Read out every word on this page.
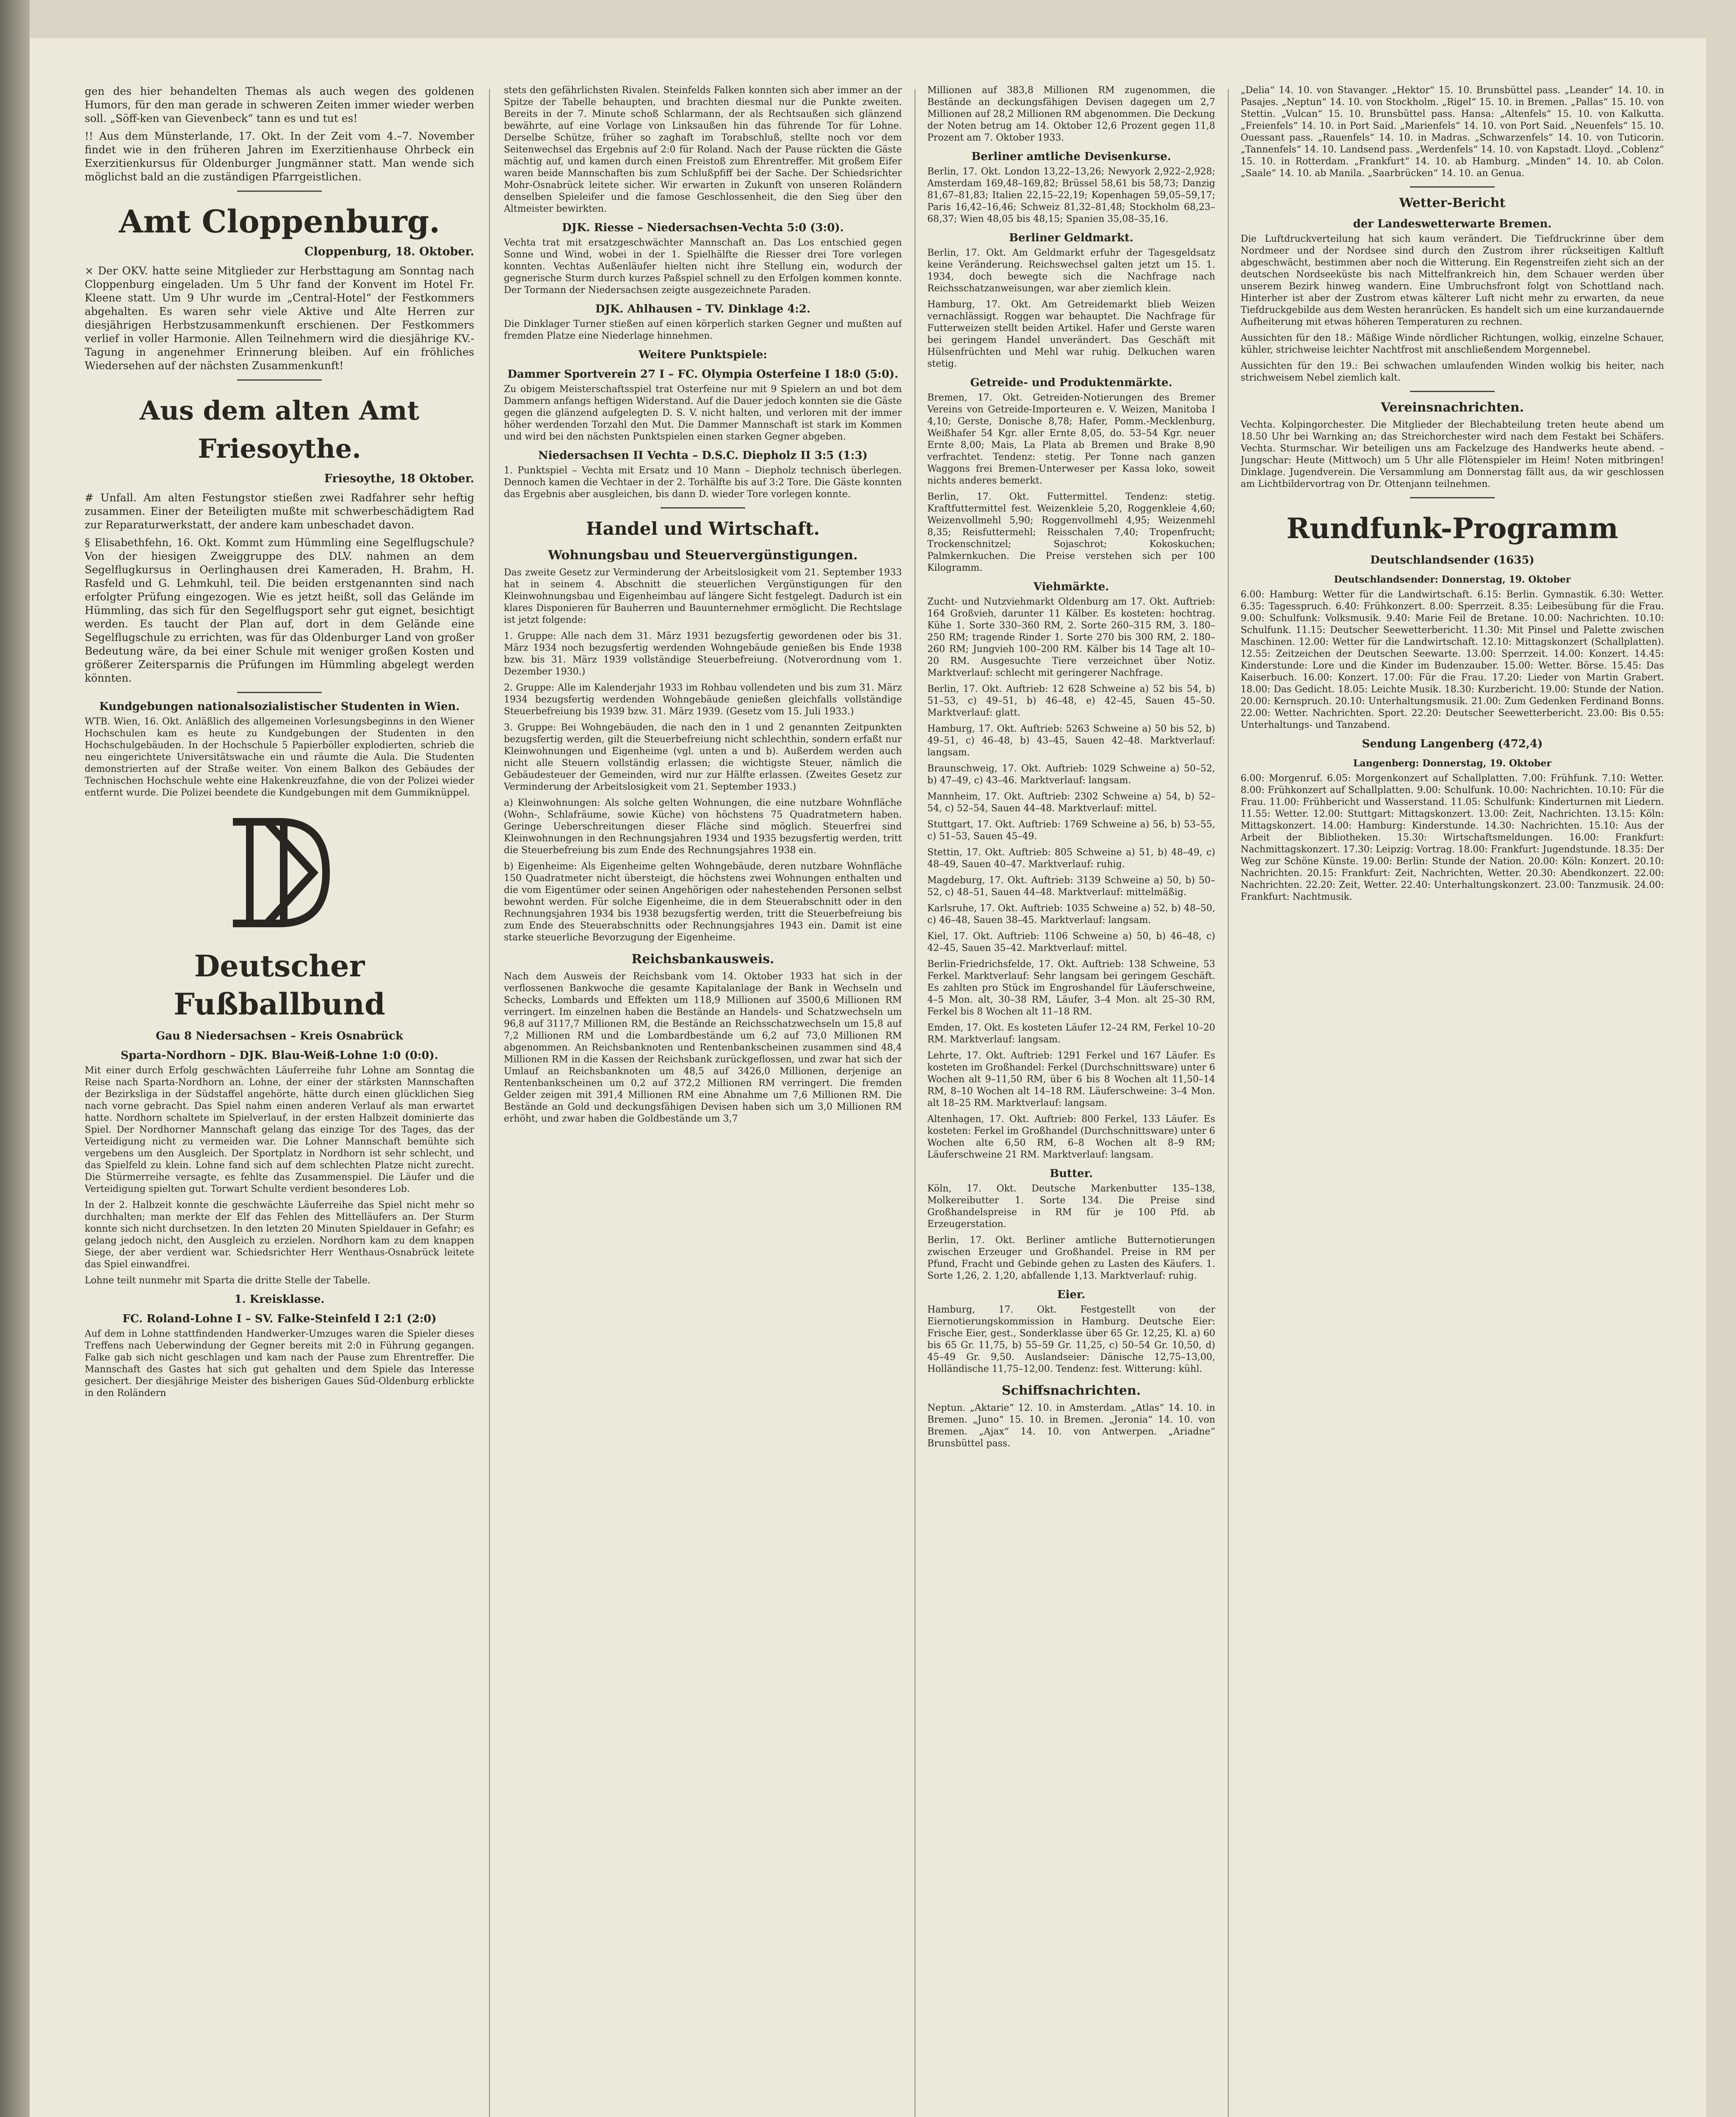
gen des hier behandelten Themas als auch wegen des goldenen Humors, für den man gerade in schweren Zeiten immer wieder werben soll. „Söff-ken van Gievenbeck“ tann es und tut es!

!! Aus dem Münsterlande, 17. Okt. In der Zeit vom 4.–7. November findet wie in den früheren Jahren im Exerzitienhause Ohrbeck ein Exerzitienkursus für Oldenburger Jungmänner statt. Man wende sich möglichst bald an die zuständigen Pfarrgeistlichen.

Amt Cloppenburg.
Cloppenburg, 18. Oktober.

× Der OKV. hatte seine Mitglieder zur Herbsttagung am Sonntag nach Cloppenburg eingeladen. Um 5 Uhr fand der Konvent im Hotel Fr. Kleene statt. Um 9 Uhr wurde im „Central-Hotel“ der Festkommers abgehalten. Es waren sehr viele Aktive und Alte Herren zur diesjährigen Herbstzusammenkunft erschienen. Der Festkommers verlief in voller Harmonie. Allen Teilnehmern wird die diesjährige KV.-Tagung in angenehmer Erinnerung bleiben. Auf ein fröhliches Wiedersehen auf der nächsten Zusammenkunft!

Aus dem alten Amt Friesoythe.
Friesoythe, 18 Oktober.

# Unfall. Am alten Festungstor stießen zwei Radfahrer sehr heftig zusammen. Einer der Beteiligten mußte mit schwerbeschädigtem Rad zur Reparaturwerkstatt, der andere kam unbeschadet davon.

§ Elisabethfehn, 16. Okt. Kommt zum Hümmling eine Segelflugschule? Von der hiesigen Zweiggruppe des DLV. nahmen an dem Segelflugkursus in Oerlinghausen drei Kameraden, H. Brahm, H. Rasfeld und G. Lehmkuhl, teil. Die beiden erstgenannten sind nach erfolgter Prüfung eingezogen. Wie es jetzt heißt, soll das Gelände im Hümmling, das sich für den Segelflugsport sehr gut eignet, besichtigt werden. Es taucht der Plan auf, dort in dem Gelände eine Segelflugschule zu errichten, was für das Oldenburger Land von großer Bedeutung wäre, da bei einer Schule mit weniger großen Kosten und größerer Zeitersparnis die Prüfungen im Hümmling abgelegt werden könnten.

Kundgebungen nationalsozialistischer Studenten in Wien.

WTB. Wien, 16. Okt. Anläßlich des allgemeinen Vorlesungsbeginns in den Wiener Hochschulen kam es heute zu Kundgebungen der Studenten in den Hochschulgebäuden. In der Hochschule 5 Papierböller explodierten, schrieb die neu eingerichtete Universitätswache ein und räumte die Aula. Die Studenten demonstrierten auf der Straße weiter. Von einem Balkon des Gebäudes der Technischen Hochschule wehte eine Hakenkreuzfahne, die von der Polizei wieder entfernt wurde. Die Polizei beendete die Kundgebungen mit dem Gummiknüppel.

Deutscher Fußballbund
Gau 8 Niedersachsen – Kreis Osnabrück
Sparta-Nordhorn – DJK. Blau-Weiß-Lohne 1:0 (0:0).

Mit einer durch Erfolg geschwächten Läuferreihe fuhr Lohne am Sonntag die Reise nach Sparta-Nordhorn an. Lohne, der einer der stärksten Mannschaften der Bezirksliga in der Südstaffel angehörte, hätte durch einen glücklichen Sieg nach vorne gebracht. Das Spiel nahm einen anderen Verlauf als man erwartet hatte. Nordhorn schaltete im Spielverlauf, in der ersten Halbzeit dominierte das Spiel. Der Nordhorner Mannschaft gelang das einzige Tor des Tages, das der Verteidigung nicht zu vermeiden war. Die Lohner Mannschaft bemühte sich vergebens um den Ausgleich. Der Sportplatz in Nordhorn ist sehr schlecht, und das Spielfeld zu klein. Lohne fand sich auf dem schlechten Platze nicht zurecht. Die Stürmerreihe versagte, es fehlte das Zusammenspiel. Die Läufer und die Verteidigung spielten gut. Torwart Schulte verdient besonderes Lob.

In der 2. Halbzeit konnte die geschwächte Läuferreihe das Spiel nicht mehr so durchhalten; man merkte der Elf das Fehlen des Mittelläufers an. Der Sturm konnte sich nicht durchsetzen. In den letzten 20 Minuten Spieldauer in Gefahr; es gelang jedoch nicht, den Ausgleich zu erzielen. Nordhorn kam zu dem knappen Siege, der aber verdient war. Schiedsrichter Herr Wenthaus-Osnabrück leitete das Spiel einwandfrei.

Lohne teilt nunmehr mit Sparta die dritte Stelle der Tabelle.

1. Kreisklasse.
FC. Roland-Lohne I – SV. Falke-Steinfeld I 2:1 (2:0)

Auf dem in Lohne stattfindenden Handwerker-Umzuges waren die Spieler dieses Treffens nach Ueberwindung der Gegner bereits mit 2:0 in Führung gegangen. Falke gab sich nicht geschlagen und kam nach der Pause zum Ehrentreffer. Die Mannschaft des Gastes hat sich gut gehalten und dem Spiele das Interesse gesichert. Der diesjährige Meister des bisherigen Gaues Süd-Oldenburg erblickte in den Roländern

stets den gefährlichsten Rivalen. Steinfelds Falken konnten sich aber immer an der Spitze der Tabelle behaupten, und brachten diesmal nur die Punkte zweiten. Bereits in der 7. Minute schoß Schlarmann, der als Rechtsaußen sich glänzend bewährte, auf eine Vorlage von Linksaußen hin das führende Tor für Lohne. Derselbe Schütze, früher so zaghaft im Torabschluß, stellte noch vor dem Seitenwechsel das Ergebnis auf 2:0 für Roland. Nach der Pause rückten die Gäste mächtig auf, und kamen durch einen Freistoß zum Ehrentreffer. Mit großem Eifer waren beide Mannschaften bis zum Schlußpfiff bei der Sache. Der Schiedsrichter Mohr-Osnabrück leitete sicher. Wir erwarten in Zukunft von unseren Roländern denselben Spieleifer und die famose Geschlossenheit, die den Sieg über den Altmeister bewirkten.

DJK. Riesse – Niedersachsen-Vechta 5:0 (3:0).

Vechta trat mit ersatzgeschwächter Mannschaft an. Das Los entschied gegen Sonne und Wind, wobei in der 1. Spielhälfte die Riesser drei Tore vorlegen konnten. Vechtas Außenläufer hielten nicht ihre Stellung ein, wodurch der gegnerische Sturm durch kurzes Paßspiel schnell zu den Erfolgen kommen konnte. Der Tormann der Niedersachsen zeigte ausgezeichnete Paraden.

DJK. Ahlhausen – TV. Dinklage 4:2.

Die Dinklager Turner stießen auf einen körperlich starken Gegner und mußten auf fremden Platze eine Niederlage hinnehmen.

Weitere Punktspiele:
Dammer Sportverein 27 I – FC. Olympia Osterfeine I 18:0 (5:0).

Zu obigem Meisterschaftsspiel trat Osterfeine nur mit 9 Spielern an und bot dem Dammern anfangs heftigen Widerstand. Auf die Dauer jedoch konnten sie die Gäste gegen die glänzend aufgelegten D. S. V. nicht halten, und verloren mit der immer höher werdenden Torzahl den Mut. Die Dammer Mannschaft ist stark im Kommen und wird bei den nächsten Punktspielen einen starken Gegner abgeben.

Niedersachsen II Vechta – D.S.C. Diepholz II 3:5 (1:3)

1. Punktspiel – Vechta mit Ersatz und 10 Mann – Diepholz technisch überlegen. Dennoch kamen die Vechtaer in der 2. Torhälfte bis auf 3:2 Tore. Die Gäste konnten das Ergebnis aber ausgleichen, bis dann D. wieder Tore vorlegen konnte.

Handel und Wirtschaft.
Wohnungsbau und Steuervergünstigungen.

Das zweite Gesetz zur Verminderung der Arbeitslosigkeit vom 21. September 1933 hat in seinem 4. Abschnitt die steuerlichen Vergünstigungen für den Kleinwohnungsbau und Eigenheimbau auf längere Sicht festgelegt. Dadurch ist ein klares Disponieren für Bauherren und Bauunternehmer ermöglicht. Die Rechtslage ist jetzt folgende:

1. Gruppe: Alle nach dem 31. März 1931 bezugsfertig gewordenen oder bis 31. März 1934 noch bezugsfertig werdenden Wohngebäude genießen bis Ende 1938 bzw. bis 31. März 1939 vollständige Steuerbefreiung. (Notverordnung vom 1. Dezember 1930.)

2. Gruppe: Alle im Kalenderjahr 1933 im Rohbau vollendeten und bis zum 31. März 1934 bezugsfertig werdenden Wohngebäude genießen gleichfalls vollständige Steuerbefreiung bis 1939 bzw. 31. März 1939. (Gesetz vom 15. Juli 1933.)

3. Gruppe: Bei Wohngebäuden, die nach den in 1 und 2 genannten Zeitpunkten bezugsfertig werden, gilt die Steuerbefreiung nicht schlechthin, sondern erfaßt nur Kleinwohnungen und Eigenheime (vgl. unten a und b). Außerdem werden auch nicht alle Steuern vollständig erlassen; die wichtigste Steuer, nämlich die Gebäudesteuer der Gemeinden, wird nur zur Hälfte erlassen. (Zweites Gesetz zur Verminderung der Arbeitslosigkeit vom 21. September 1933.)

a) Kleinwohnungen: Als solche gelten Wohnungen, die eine nutzbare Wohnfläche (Wohn-, Schlafräume, sowie Küche) von höchstens 75 Quadratmetern haben. Geringe Ueberschreitungen dieser Fläche sind möglich. Steuerfrei sind Kleinwohnungen in den Rechnungsjahren 1934 und 1935 bezugsfertig werden, tritt die Steuerbefreiung bis zum Ende des Rechnungsjahres 1938 ein.

b) Eigenheime: Als Eigenheime gelten Wohngebäude, deren nutzbare Wohnfläche 150 Quadratmeter nicht übersteigt, die höchstens zwei Wohnungen enthalten und die vom Eigentümer oder seinen Angehörigen oder nahestehenden Personen selbst bewohnt werden. Für solche Eigenheime, die in dem Steuerabschnitt oder in den Rechnungsjahren 1934 bis 1938 bezugsfertig werden, tritt die Steuerbefreiung bis zum Ende des Steuerabschnitts oder Rechnungsjahres 1943 ein. Damit ist eine starke steuerliche Bevorzugung der Eigenheime.

Reichsbankausweis.

Nach dem Ausweis der Reichsbank vom 14. Oktober 1933 hat sich in der verflossenen Bankwoche die gesamte Kapitalanlage der Bank in Wechseln und Schecks, Lombards und Effekten um 118,9 Millionen auf 3500,6 Millionen RM verringert. Im einzelnen haben die Bestände an Handels- und Schatzwechseln um 96,8 auf 3117,7 Millionen RM, die Bestände an Reichsschatzwechseln um 15,8 auf 7,2 Millionen RM und die Lombardbestände um 6,2 auf 73,0 Millionen RM abgenommen. An Reichsbanknoten und Rentenbankscheinen zusammen sind 48,4 Millionen RM in die Kassen der Reichsbank zurückgeflossen, und zwar hat sich der Umlauf an Reichsbanknoten um 48,5 auf 3426,0 Millionen, derjenige an Rentenbankscheinen um 0,2 auf 372,2 Millionen RM verringert. Die fremden Gelder zeigen mit 391,4 Millionen RM eine Abnahme um 7,6 Millionen RM. Die Bestände an Gold und deckungsfähigen Devisen haben sich um 3,0 Millionen RM erhöht, und zwar haben die Goldbestände um 3,7

Millionen auf 383,8 Millionen RM zugenommen, die Bestände an deckungsfähigen Devisen dagegen um 2,7 Millionen auf 28,2 Millionen RM abgenommen. Die Deckung der Noten betrug am 14. Oktober 12,6 Prozent gegen 11,8 Prozent am 7. Oktober 1933.

Berliner amtliche Devisenkurse.

Berlin, 17. Okt. London 13,22–13,26; Newyork 2,922–2,928; Amsterdam 169,48–169,82; Brüssel 58,61 bis 58,73; Danzig 81,67–81,83; Italien 22,15–22,19; Kopenhagen 59,05–59,17; Paris 16,42–16,46; Schweiz 81,32–81,48; Stockholm 68,23–68,37; Wien 48,05 bis 48,15; Spanien 35,08–35,16.

Berliner Geldmarkt.

Berlin, 17. Okt. Am Geldmarkt erfuhr der Tagesgeldsatz keine Veränderung. Reichswechsel galten jetzt um 15. 1. 1934, doch bewegte sich die Nachfrage nach Reichsschatzanweisungen, war aber ziemlich klein.

Hamburg, 17. Okt. Am Getreidemarkt blieb Weizen vernachlässigt. Roggen war behauptet. Die Nachfrage für Futterweizen stellt beiden Artikel. Hafer und Gerste waren bei geringem Handel unverändert. Das Geschäft mit Hülsenfrüchten und Mehl war ruhig. Delkuchen waren stetig.

Getreide- und Produktenmärkte.

Bremen, 17. Okt. Getreiden-Notierungen des Bremer Vereins von Getreide-Importeuren e. V. Weizen, Manitoba I 4,10; Gerste, Donische 8,78; Hafer, Pomm.-Mecklenburg, Weißhafer 54 Kgr. aller Ernte 8,05, do. 53–54 Kgr. neuer Ernte 8,00; Mais, La Plata ab Bremen und Brake 8,90 verfrachtet. Tendenz: stetig. Per Tonne nach ganzen Waggons frei Bremen-Unterweser per Kassa loko, soweit nichts anderes bemerkt.

Berlin, 17. Okt. Futtermittel. Tendenz: stetig. Kraftfuttermittel fest. Weizenkleie 5,20, Roggenkleie 4,60; Weizenvollmehl 5,90; Roggenvollmehl 4,95; Weizenmehl 8,35; Reisfuttermehl; Reisschalen 7,40; Tropenfrucht; Trockenschnitzel; Sojaschrot; Kokoskuchen; Palmkernkuchen. Die Preise verstehen sich per 100 Kilogramm.

Viehmärkte.

Zucht- und Nutzviehmarkt Oldenburg am 17. Okt. Auftrieb: 164 Großvieh, darunter 11 Kälber. Es kosteten: hochtrag. Kühe 1. Sorte 330–360 RM, 2. Sorte 260–315 RM, 3. 180–250 RM; tragende Rinder 1. Sorte 270 bis 300 RM, 2. 180–260 RM; Jungvieh 100–200 RM. Kälber bis 14 Tage alt 10–20 RM. Ausgesuchte Tiere verzeichnet über Notiz. Marktverlauf: schlecht mit geringerer Nachfrage.

Berlin, 17. Okt. Auftrieb: 12 628 Schweine a) 52 bis 54, b) 51–53, c) 49–51, b) 46–48, e) 42–45, Sauen 45–50. Marktverlauf: glatt.

Hamburg, 17. Okt. Auftrieb: 5263 Schweine a) 50 bis 52, b) 49–51, c) 46–48, b) 43–45, Sauen 42–48. Marktverlauf: langsam.

Braunschweig, 17. Okt. Auftrieb: 1029 Schweine a) 50–52, b) 47–49, c) 43–46. Marktverlauf: langsam.

Mannheim, 17. Okt. Auftrieb: 2302 Schweine a) 54, b) 52–54, c) 52–54, Sauen 44–48. Marktverlauf: mittel.

Stuttgart, 17. Okt. Auftrieb: 1769 Schweine a) 56, b) 53–55, c) 51–53, Sauen 45–49.

Stettin, 17. Okt. Auftrieb: 805 Schweine a) 51, b) 48–49, c) 48–49, Sauen 40–47. Marktverlauf: ruhig.

Magdeburg, 17. Okt. Auftrieb: 3139 Schweine a) 50, b) 50–52, c) 48–51, Sauen 44–48. Marktverlauf: mittelmäßig.

Karlsruhe, 17. Okt. Auftrieb: 1035 Schweine a) 52, b) 48–50, c) 46–48, Sauen 38–45. Marktverlauf: langsam.

Kiel, 17. Okt. Auftrieb: 1106 Schweine a) 50, b) 46–48, c) 42–45, Sauen 35–42. Marktverlauf: mittel.

Berlin-Friedrichsfelde, 17. Okt. Auftrieb: 138 Schweine, 53 Ferkel. Marktverlauf: Sehr langsam bei geringem Geschäft. Es zahlten pro Stück im Engroshandel für Läuferschweine, 4–5 Mon. alt, 30–38 RM, Läufer, 3–4 Mon. alt 25–30 RM, Ferkel bis 8 Wochen alt 11–18 RM.

Emden, 17. Okt. Es kosteten Läufer 12–24 RM, Ferkel 10–20 RM. Marktverlauf: langsam.

Lehrte, 17. Okt. Auftrieb: 1291 Ferkel und 167 Läufer. Es kosteten im Großhandel: Ferkel (Durchschnittsware) unter 6 Wochen alt 9–11,50 RM, über 6 bis 8 Wochen alt 11,50–14 RM, 8–10 Wochen alt 14–18 RM. Läuferschweine: 3–4 Mon. alt 18–25 RM. Marktverlauf: langsam.

Altenhagen, 17. Okt. Auftrieb: 800 Ferkel, 133 Läufer. Es kosteten: Ferkel im Großhandel (Durchschnittsware) unter 6 Wochen alte 6,50 RM, 6–8 Wochen alt 8–9 RM; Läuferschweine 21 RM. Marktverlauf: langsam.

Butter.

Köln, 17. Okt. Deutsche Markenbutter 135–138, Molkereibutter 1. Sorte 134. Die Preise sind Großhandelspreise in RM für je 100 Pfd. ab Erzeugerstation.

Berlin, 17. Okt. Berliner amtliche Butternotierungen zwischen Erzeuger und Großhandel. Preise in RM per Pfund, Fracht und Gebinde gehen zu Lasten des Käufers. 1. Sorte 1,26, 2. 1,20, abfallende 1,13. Marktverlauf: ruhig.

Eier.

Hamburg, 17. Okt. Festgestellt von der Eiernotierungskommission in Hamburg. Deutsche Eier: Frische Eier, gest., Sonderklasse über 65 Gr. 12,25, Kl. a) 60 bis 65 Gr. 11,75, b) 55–59 Gr. 11,25, c) 50–54 Gr. 10,50, d) 45–49 Gr. 9,50. Auslandseier: Dänische 12,75–13,00, Holländische 11,75–12,00. Tendenz: fest. Witterung: kühl.

Schiffsnachrichten.

Neptun. „Aktarie“ 12. 10. in Amsterdam. „Atlas“ 14. 10. in Bremen. „Juno“ 15. 10. in Bremen. „Jeronia“ 14. 10. von Bremen. „Ajax“ 14. 10. von Antwerpen. „Ariadne“ Brunsbüttel pass.

„Delia“ 14. 10. von Stavanger. „Hektor“ 15. 10. Brunsbüttel pass. „Leander“ 14. 10. in Pasajes. „Neptun“ 14. 10. von Stockholm. „Rigel“ 15. 10. in Bremen. „Pallas“ 15. 10. von Stettin. „Vulcan“ 15. 10. Brunsbüttel pass. Hansa: „Altenfels“ 15. 10. von Kalkutta. „Freienfels“ 14. 10. in Port Said. „Marienfels“ 14. 10. von Port Said. „Neuenfels“ 15. 10. Ouessant pass. „Rauenfels“ 14. 10. in Madras. „Schwarzenfels“ 14. 10. von Tuticorin. „Tannenfels“ 14. 10. Landsend pass. „Werdenfels“ 14. 10. von Kapstadt. Lloyd. „Coblenz“ 15. 10. in Rotterdam. „Frankfurt“ 14. 10. ab Hamburg. „Minden“ 14. 10. ab Colon. „Saale“ 14. 10. ab Manila. „Saarbrücken“ 14. 10. an Genua.

Wetter-Bericht
der Landeswetterwarte Bremen.

Die Luftdruckverteilung hat sich kaum verändert. Die Tiefdruckrinne über dem Nordmeer und der Nordsee sind durch den Zustrom ihrer rückseitigen Kaltluft abgeschwächt, bestimmen aber noch die Witterung. Ein Regenstreifen zieht sich an der deutschen Nordseeküste bis nach Mittelfrankreich hin, dem Schauer werden über unserem Bezirk hinweg wandern. Eine Umbruchsfront folgt von Schottland nach. Hinterher ist aber der Zustrom etwas kälterer Luft nicht mehr zu erwarten, da neue Tiefdruckgebilde aus dem Westen heranrücken. Es handelt sich um eine kurzandauernde Aufheiterung mit etwas höheren Temperaturen zu rechnen.

Aussichten für den 18.: Mäßige Winde nördlicher Richtungen, wolkig, einzelne Schauer, kühler, strichweise leichter Nachtfrost mit anschließendem Morgennebel.

Aussichten für den 19.: Bei schwachen umlaufenden Winden wolkig bis heiter, nach strichweisem Nebel ziemlich kalt.

Vereinsnachrichten.

Vechta. Kolpingorchester. Die Mitglieder der Blechabteilung treten heute abend um 18.50 Uhr bei Warnking an; das Streichorchester wird nach dem Festakt bei Schäfers. Vechta. Sturmschar. Wir beteiligen uns am Fackelzuge des Handwerks heute abend. – Jungschar: Heute (Mittwoch) um 5 Uhr alle Flötenspieler im Heim! Noten mitbringen! Dinklage. Jugendverein. Die Versammlung am Donnerstag fällt aus, da wir geschlossen am Lichtbildervortrag von Dr. Ottenjann teilnehmen.

Rundfunk-Programm
Deutschlandsender (1635)
Deutschlandsender: Donnerstag, 19. Oktober

6.00: Hamburg: Wetter für die Landwirtschaft. 6.15: Berlin. Gymnastik. 6.30: Wetter. 6.35: Tagesspruch. 6.40: Frühkonzert. 8.00: Sperrzeit. 8.35: Leibesübung für die Frau. 9.00: Schulfunk: Volksmusik. 9.40: Marie Feil de Bretane. 10.00: Nachrichten. 10.10: Schulfunk. 11.15: Deutscher Seewetterbericht. 11.30: Mit Pinsel und Palette zwischen Maschinen. 12.00: Wetter für die Landwirtschaft. 12.10: Mittagskonzert (Schallplatten). 12.55: Zeitzeichen der Deutschen Seewarte. 13.00: Sperrzeit. 14.00: Konzert. 14.45: Kinderstunde: Lore und die Kinder im Budenzauber. 15.00: Wetter. Börse. 15.45: Das Kaiserbuch. 16.00: Konzert. 17.00: Für die Frau. 17.20: Lieder von Martin Grabert. 18.00: Das Gedicht. 18.05: Leichte Musik. 18.30: Kurzbericht. 19.00: Stunde der Nation. 20.00: Kernspruch. 20.10: Unterhaltungsmusik. 21.00: Zum Gedenken Ferdinand Bonns. 22.00: Wetter. Nachrichten. Sport. 22.20: Deutscher Seewetterbericht. 23.00: Bis 0.55: Unterhaltungs- und Tanzabend.

Sendung Langenberg (472,4)
Langenberg: Donnerstag, 19. Oktober

6.00: Morgenruf. 6.05: Morgenkonzert auf Schallplatten. 7.00: Frühfunk. 7.10: Wetter. 8.00: Frühkonzert auf Schallplatten. 9.00: Schulfunk. 10.00: Nachrichten. 10.10: Für die Frau. 11.00: Frühbericht und Wasserstand. 11.05: Schulfunk: Kinderturnen mit Liedern. 11.55: Wetter. 12.00: Stuttgart: Mittagskonzert. 13.00: Zeit, Nachrichten. 13.15: Köln: Mittagskonzert. 14.00: Hamburg: Kinderstunde. 14.30: Nachrichten. 15.10: Aus der Arbeit der Bibliotheken. 15.30: Wirtschaftsmeldungen. 16.00: Frankfurt: Nachmittagskonzert. 17.30: Leipzig: Vortrag. 18.00: Frankfurt: Jugendstunde. 18.35: Der Weg zur Schöne Künste. 19.00: Berlin: Stunde der Nation. 20.00: Köln: Konzert. 20.10: Nachrichten. 20.15: Frankfurt: Zeit, Nachrichten, Wetter. 20.30: Abendkonzert. 22.00: Nachrichten. 22.20: Zeit, Wetter. 22.40: Unterhaltungskonzert. 23.00: Tanzmusik. 24.00: Frankfurt: Nachtmusik.
